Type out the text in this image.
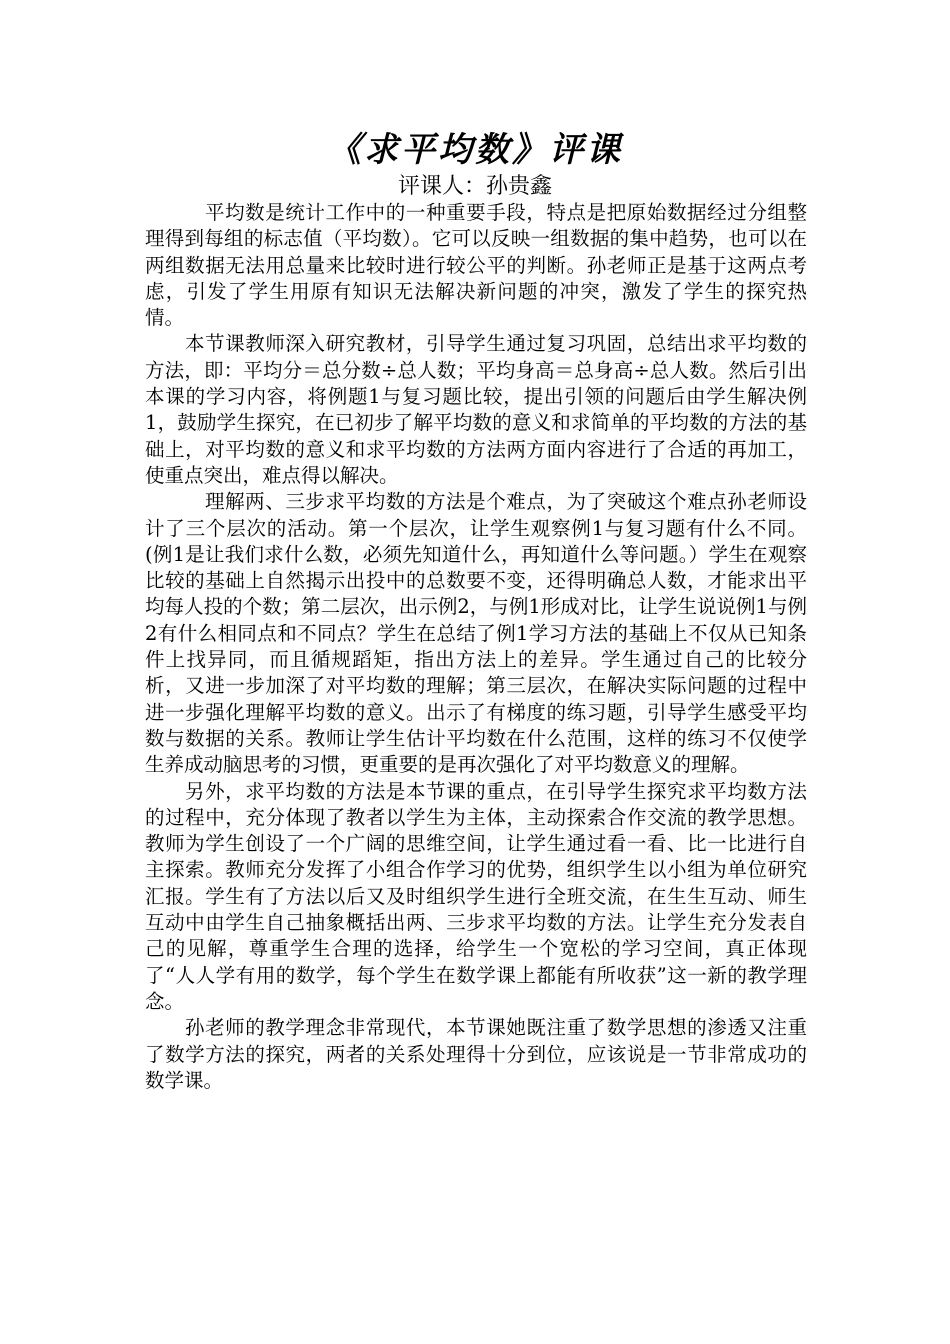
《求平均数》评课
评课人：孙贵鑫

平均数是统计工作中的一种重要手段，特点是把原始数据经过分组整理得到每组的标志值（平均数）。它可以反映一组数据的集中趋势，也可以在两组数据无法用总量来比较时进行较公平的判断。孙老师正是基于这两点考虑，引发了学生用原有知识无法解决新问题的冲突，激发了学生的探究热情。

本节课教师深入研究教材，引导学生通过复习巩固，总结出求平均数的方法，即：平均分＝总分数÷总人数；平均身高＝总身高÷总人数。然后引出本课的学习内容，将例题1与复习题比较，提出引领的问题后由学生解决例1，鼓励学生探究，在已初步了解平均数的意义和求简单的平均数的方法的基础上，对平均数的意义和求平均数的方法两方面内容进行了合适的再加工，使重点突出，难点得以解决。

理解两、三步求平均数的方法是个难点，为了突破这个难点孙老师设计了三个层次的活动。第一个层次，让学生观察例1与复习题有什么不同。(例1是让我们求什么数，必须先知道什么，再知道什么等问题。）学生在观察比较的基础上自然揭示出投中的总数要不变，还得明确总人数，才能求出平均每人投的个数；第二层次，出示例2，与例1形成对比，让学生说说例1与例2有什么相同点和不同点？学生在总结了例1学习方法的基础上不仅从已知条件上找异同，而且循规蹈矩，指出方法上的差异。学生通过自己的比较分析，又进一步加深了对平均数的理解；第三层次，在解决实际问题的过程中进一步强化理解平均数的意义。出示了有梯度的练习题，引导学生感受平均数与数据的关系。教师让学生估计平均数在什么范围，这样的练习不仅使学生养成动脑思考的习惯，更重要的是再次强化了对平均数意义的理解。

另外，求平均数的方法是本节课的重点，在引导学生探究求平均数方法的过程中，充分体现了教者以学生为主体，主动探索合作交流的教学思想。教师为学生创设了一个广阔的思维空间，让学生通过看一看、比一比进行自主探索。教师充分发挥了小组合作学习的优势，组织学生以小组为单位研究汇报。学生有了方法以后又及时组织学生进行全班交流，在生生互动、师生互动中由学生自己抽象概括出两、三步求平均数的方法。让学生充分发表自己的见解，尊重学生合理的选择，给学生一个宽松的学习空间，真正体现了“人人学有用的数学，每个学生在数学课上都能有所收获”这一新的教学理念。

孙老师的教学理念非常现代，本节课她既注重了数学思想的渗透又注重了数学方法的探究，两者的关系处理得十分到位，应该说是一节非常成功的数学课。
